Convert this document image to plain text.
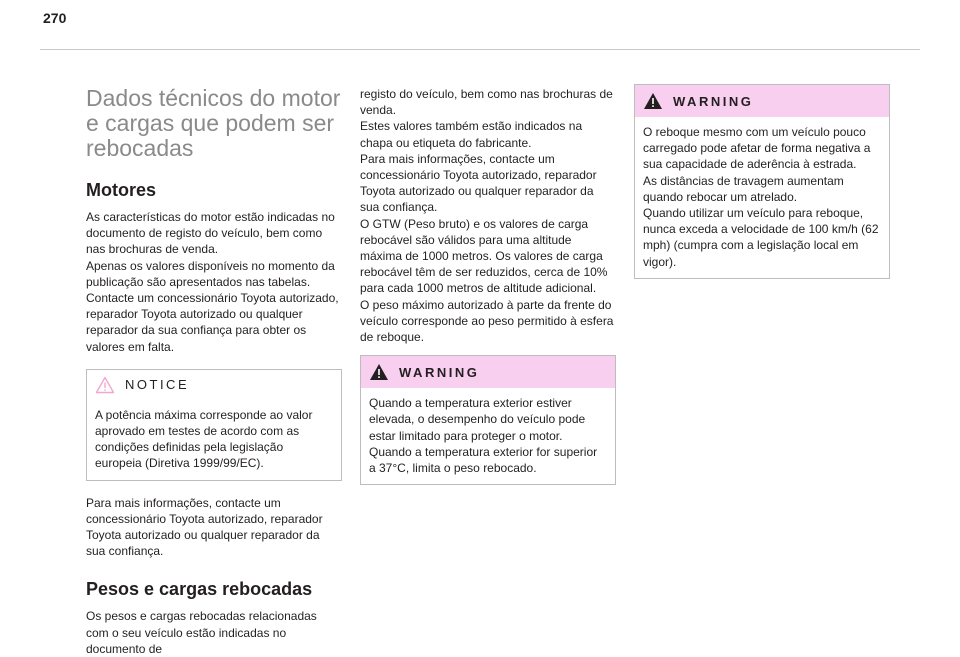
270
Dados técnicos do motor e cargas que podem ser rebocadas
Motores

As características do motor estão indicadas no documento de registo do veículo, bem como nas brochuras de venda.
Apenas os valores disponíveis no momento da publicação são apresentados nas tabelas.
Contacte um concessionário Toyota autorizado, reparador Toyota autorizado ou qualquer reparador da sua confiança para obter os valores em falta.

NOTICE

A potência máxima corresponde ao valor aprovado em testes de acordo com as condições definidas pela legislação europeia (Diretiva 1999/99/EC).

Para mais informações, contacte um concessionário Toyota autorizado, reparador Toyota autorizado ou qualquer reparador da sua confiança.

Pesos e cargas rebocadas

Os pesos e cargas rebocadas relacionadas com o seu veículo estão indicadas no documento de

registo do veículo, bem como nas brochuras de venda.
Estes valores também estão indicados na chapa ou etiqueta do fabricante.
Para mais informações, contacte um concessionário Toyota autorizado, reparador Toyota autorizado ou qualquer reparador da sua confiança.
O GTW (Peso bruto) e os valores de carga rebocável são válidos para uma altitude máxima de 1000 metros. Os valores de carga rebocável têm de ser reduzidos, cerca de 10% para cada 1000 metros de altitude adicional.
O peso máximo autorizado à parte da frente do veículo corresponde ao peso permitido à esfera de reboque.

WARNING

Quando a temperatura exterior estiver elevada, o desempenho do veículo pode estar limitado para proteger o motor. Quando a temperatura exterior for superior a 37°C, limita o peso rebocado.

WARNING

O reboque mesmo com um veículo pouco carregado pode afetar de forma negativa a sua capacidade de aderência à estrada.
As distâncias de travagem aumentam quando rebocar um atrelado.
Quando utilizar um veículo para reboque, nunca exceda a velocidade de 100 km/h (62 mph) (cumpra com a legislação local em vigor).
